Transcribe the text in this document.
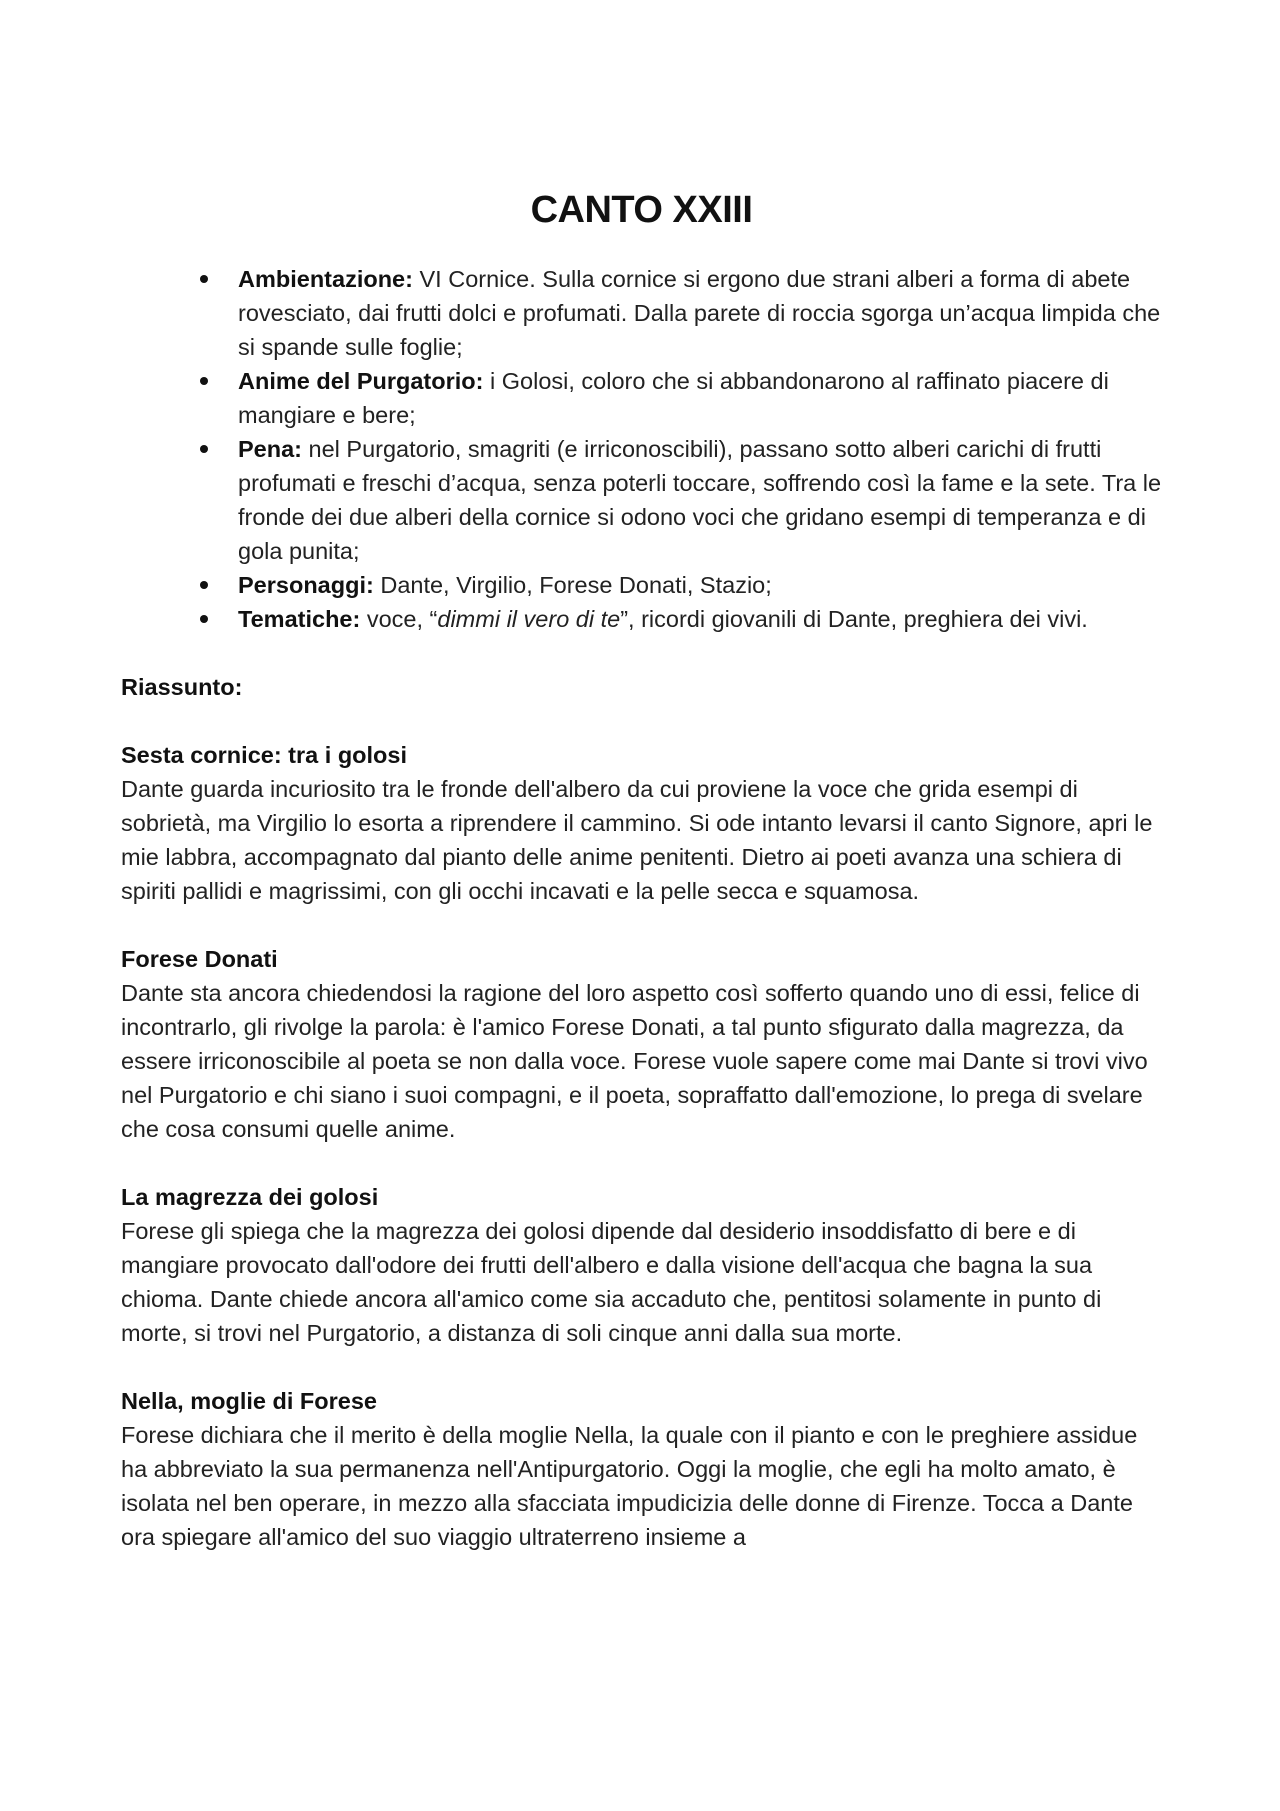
CANTO XXIII
Ambientazione: VI Cornice. Sulla cornice si ergono due strani alberi a forma di abete rovesciato, dai frutti dolci e profumati. Dalla parete di roccia sgorga un’acqua limpida che si spande sulle foglie;
Anime del Purgatorio: i Golosi, coloro che si abbandonarono al raffinato piacere di mangiare e bere;
Pena: nel Purgatorio, smagriti (e irriconoscibili), passano sotto alberi carichi di frutti profumati e freschi d’acqua, senza poterli toccare, soffrendo così la fame e la sete. Tra le fronde dei due alberi della cornice si odono voci che gridano esempi di temperanza e di gola punita;
Personaggi: Dante, Virgilio, Forese Donati, Stazio;
Tematiche: voce, “dimmi il vero di te”, ricordi giovanili di Dante, preghiera dei vivi.
Riassunto:
Sesta cornice: tra i golosi

Dante guarda incuriosito tra le fronde dell'albero da cui proviene la voce che grida esempi di sobrietà, ma Virgilio lo esorta a riprendere il cammino. Si ode intanto levarsi il canto Signore, apri le mie labbra, accompagnato dal pianto delle anime penitenti. Dietro ai poeti avanza una schiera di spiriti pallidi e magrissimi, con gli occhi incavati e la pelle secca e squamosa.

Forese Donati

Dante sta ancora chiedendosi la ragione del loro aspetto così sofferto quando uno di essi, felice di incontrarlo, gli rivolge la parola: è l'amico Forese Donati, a tal punto sfigurato dalla magrezza, da essere irriconoscibile al poeta se non dalla voce. Forese vuole sapere come mai Dante si trovi vivo nel Purgatorio e chi siano i suoi compagni, e il poeta, sopraffatto dall'emozione, lo prega di svelare che cosa consumi quelle anime.

La magrezza dei golosi

Forese gli spiega che la magrezza dei golosi dipende dal desiderio insoddisfatto di bere e di mangiare provocato dall'odore dei frutti dell'albero e dalla visione dell'acqua che bagna la sua chioma. Dante chiede ancora all'amico come sia accaduto che, pentitosi solamente in punto di morte, si trovi nel Purgatorio, a distanza di soli cinque anni dalla sua morte.

Nella, moglie di Forese

Forese dichiara che il merito è della moglie Nella, la quale con il pianto e con le preghiere assidue ha abbreviato la sua permanenza nell'Antipurgatorio. Oggi la moglie, che egli ha molto amato, è isolata nel ben operare, in mezzo alla sfacciata impudicizia delle donne di Firenze. Tocca a Dante ora spiegare all'amico del suo viaggio ultraterreno insieme a
